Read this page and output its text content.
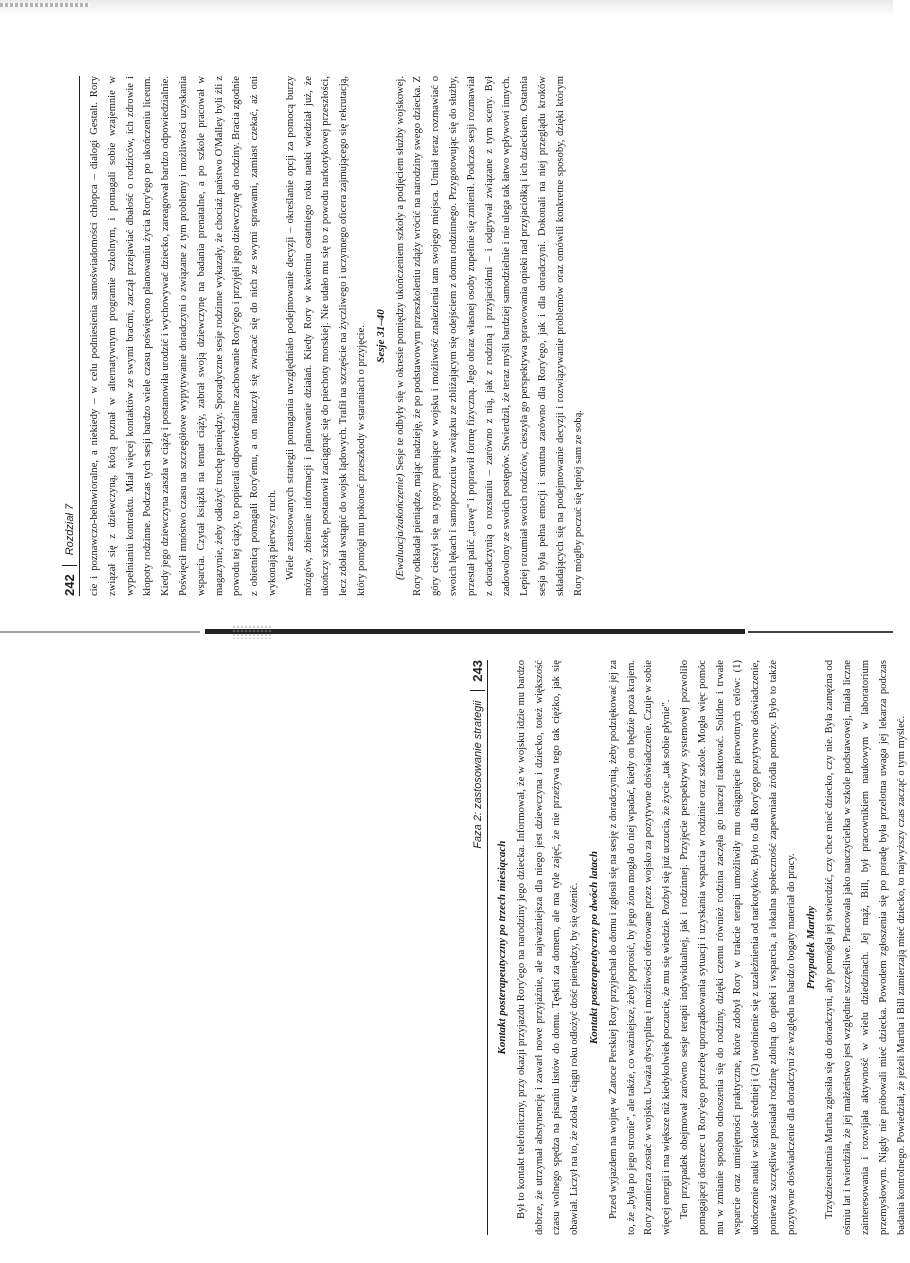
242
Rozdział 7 cie i poznawczo-behawioralne, a niekiedy – w celu podniesienia samoświadomości chłopca – dialogi Gestalt. Rory związał się z dziewczyną, którą poznał w alternatywnym programie szkolnym, i pomagali sobie wzajemnie w wypełnianiu kontraktu. Miał więcej kontaktów ze swymi braćmi, zaczął przejawiać dbałość o rodziców, ich zdrowie i kłopoty rodzinne. Podczas tych sesji bardzo wiele czasu poświęcono planowaniu życia Rory'ego po ukończeniu liceum. Kiedy jego dziewczyna zaszła w ciążę i postanowiła urodzić i wychowywać dziecko, zareagował bardzo odpowiedzialnie. Poświęcił mnóstwo czasu na szczegółowe wypytywanie doradczyni o związane z tym problemy i możliwości uzyskania wsparcia. Czytał książki na temat ciąży, zabrał swoją dziewczynę na badania prenatalne, a po szkole pracował w magazynie, żeby odłożyć trochę pieniędzy. Sporadyczne sesje rodzinne wykazały, że chociaż państwo O'Malley byli źli z powodu tej ciąży, to popierali odpowiedzialne zachowanie Rory'ego i przyjęli jego dziewczynę do rodziny. Bracia zgodnie z obietnicą pomagali Rory'emu, a on nauczył się zwracać się do nich ze swymi sprawami, zamiast czekać, aż oni wykonają pierwszy ruch. Wiele zastosowanych strategii pomagania uwzględniało podejmowanie decyzji – określanie opcji za pomocą burzy mózgów, zbieranie informacji i planowanie działań. Kiedy Rory w kwietniu ostatniego roku nauki wiedział już, że ukończy szkołę, postanowił zaciągnąć się do piechoty morskiej. Nie udało mu się to z powodu narkotykowej przeszłości, lecz zdołał wstąpić do wojsk lądowych. Trafił na szczęście na życzliwego i uczynnego oficera zajmującego się rekrutacją, który pomógł mu pokonać przeszkody w staraniach o przyjęcie. Sesje 31–40

(Ewaluacja/zakończenie) Sesje te odbyły się w okresie pomiędzy ukończeniem szkoły a podjęciem służby wojskowej. Rory odkładał pieniądze, mając nadzieję, że po podstawowym przeszkoleniu zdąży wrócić na narodziny swego dziecka. Z góry cieszył się na rygory panujące w wojsku i możliwość znalezienia tam swojego miejsca. Umiał teraz rozmawiać o swoich lękach i samopoczuciu w związku ze zbliżającym się odejściem z domu rodzinnego. Przygotowując się do służby, przestał palić „trawę" i poprawił formę fizyczną. Jego obraz własnej osoby zupełnie się zmienił. Podczas sesji rozmawiał z doradczynią o rozstaniu – zarówno z nią, jak z rodziną i przyjaciółmi – i odgrywał związane z tym sceny. Był zadowolony ze swoich postępów. Stwierdził, że teraz myśli bardziej samodzielnie i nie ulega tak łatwo wpływowi innych. Lepiej rozumiał swoich rodziców, cieszyła go perspektywa sprawowania opieki nad przyjaciółką i ich dzieckiem. Ostatnia sesja była pełna emocji i smutna zarówno dla Rory'ego, jak i dla doradczyni. Dokonali na niej przeglądu kroków składających się na podejmowanie decyzji i rozwiązywanie problemów oraz omówili konkretne sposoby, dzięki którym Rory mógłby poczuć się lepiej sam ze sobą.

243
Faza 2: zastosowanie strategii
Kontakt posterapeutyczny po trzech miesiącach Był to kontakt telefoniczny, przy okazji przyjazdu Rory'ego na narodziny jego dziecka. Informował, że w wojsku idzie mu bardzo dobrze, że utrzymał abstynencję i zawarł nowe przyjaźnie, ale najważniejsza dla niego jest dziewczyna i dziecko, toteż większość czasu wolnego spędza na pisaniu listów do domu. Tęskni za domem, ale ma tyle zajęć, że nie przeżywa tego tak ciężko, jak się obawiał. Liczył na to, że zdoła w ciągu roku odłożyć dość pieniędzy, by się ożenić. Kontakt posterapeutyczny po dwóch latach Przed wyjazdem na wojnę w Zatoce Perskiej Rory przyjechał do domu i zgłosił się na sesję z doradczynią, żeby podziękować jej za to, że „była po jego stronie", ale także, co ważniejsze, żeby poprosić, by jego żona mogła do niej wpadać, kiedy on będzie poza krajem. Rory zamierza zostać w wojsku. Uważa dyscyplinę i możliwości oferowane przez wojsko za pozytywne doświadczenie. Czuje w sobie więcej energii i ma większe niż kiedykolwiek poczucie, że mu się wiedzie. Pozbył się już uczucia, że życie „tak sobie płynie". Ten przypadek obejmował zarówno sesje terapii indywidualnej, jak i rodzinnej. Przyjęcie perspektywy systemowej pozwoliło pomagającej dostrzec u Rory'ego potrzebę uporządkowania sytuacji i uzyskania wsparcia w rodzinie oraz szkole. Mogła więc pomóc mu w zmianie sposobu odnoszenia się do rodziny, dzięki czemu również rodzina zaczęła go inaczej traktować. Solidne i trwałe wsparcie oraz umiejętności praktyczne, które zdobył Rory w trakcie terapii umożliwiły mu osiągnięcie pierwotnych celów: (1) ukończenie nauki w szkole średniej i (2) uwolnienie się z uzależnienia od narkotyków. Było to dla Rory'ego pozytywne doświadczenie, ponieważ szczęśliwie posiadał rodzinę zdolną do opieki i wsparcia, a lokalna społeczność zapewniała źródła pomocy. Było to także pozytywne doświadczenie dla doradczyni ze względu na bardzo bogaty materiał do pracy. Przypadek Marthy Trzydziestoletnia Martha zgłosiła się do doradczyni, aby pomógła jej stwierdzić, czy chce mieć dziecko, czy nie. Była zamężna od ośmiu lat i twierdziła, że jej małżeństwo jest względnie szczęśliwe. Pracowała jako nauczycielka w szkole podstawowej, miała liczne zainteresowania i rozwijała aktywność w wielu dziedzinach. Jej mąż, Bill, był pracownikiem naukowym w laboratorium przemysłowym. Nigdy nie próbowali mieć dziecka. Powodem zgłoszenia się po poradę była przelotna uwaga jej lekarza podczas badania kontrolnego. Powiedział, że jeżeli Martha i Bill zamierzają mieć dziecko, to najwyższy czas zacząć o tym myśleć.
